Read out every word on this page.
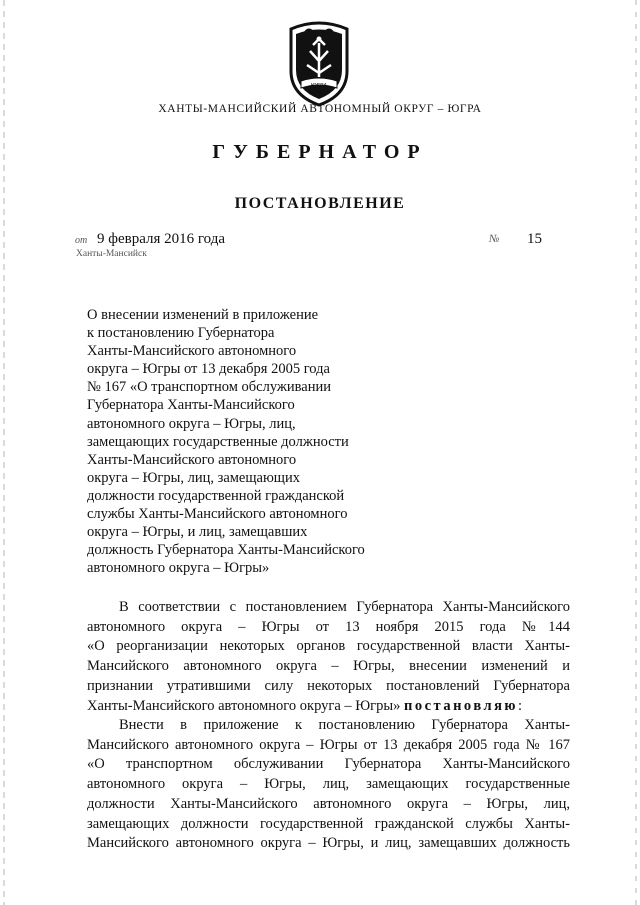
ЮГРА
ХАНТЫ-МАНСИЙСКИЙ АВТОНОМНЫЙ ОКРУГ – ЮГРА
ГУБЕРНАТОР
ПОСТАНОВЛЕНИЕ
от 9 февраля 2016 года	№ 15
Ханты-Мансийск
О внесении изменений в приложение
к постановлению Губернатора
Ханты-Мансийского автономного
округа – Югры от 13 декабря 2005 года
№ 167 «О транспортном обслуживании
Губернатора Ханты-Мансийского
автономного округа – Югры, лиц,
замещающих государственные должности
Ханты-Мансийского автономного
округа – Югры, лиц, замещающих
должности государственной гражданской
службы Ханты-Мансийского автономного
округа – Югры, и лиц, замещавших
должность Губернатора Ханты-Мансийского
автономного округа – Югры»
В соответствии с постановлением Губернатора Ханты-Мансийского
автономного округа – Югры от 13 ноября 2015 года №144
«О реорганизации некоторых органов государственной власти Ханты-
Мансийского автономного округа – Югры, внесении изменений и
признании утратившими силу некоторых постановлений Губернатора
Ханты-Мансийского автономного округа – Югры» постановляю:
Внести в приложение к постановлению Губернатора Ханты-
Мансийского автономного округа – Югры от 13 декабря 2005 года № 167
«О транспортном обслуживании Губернатора Ханты-Мансийского
автономного округа – Югры, лиц, замещающих государственные
должности Ханты-Мансийского автономного округа – Югры, лиц,
замещающих должности государственной гражданской службы Ханты-
Мансийского автономного округа – Югры, и лиц, замещавших должность
